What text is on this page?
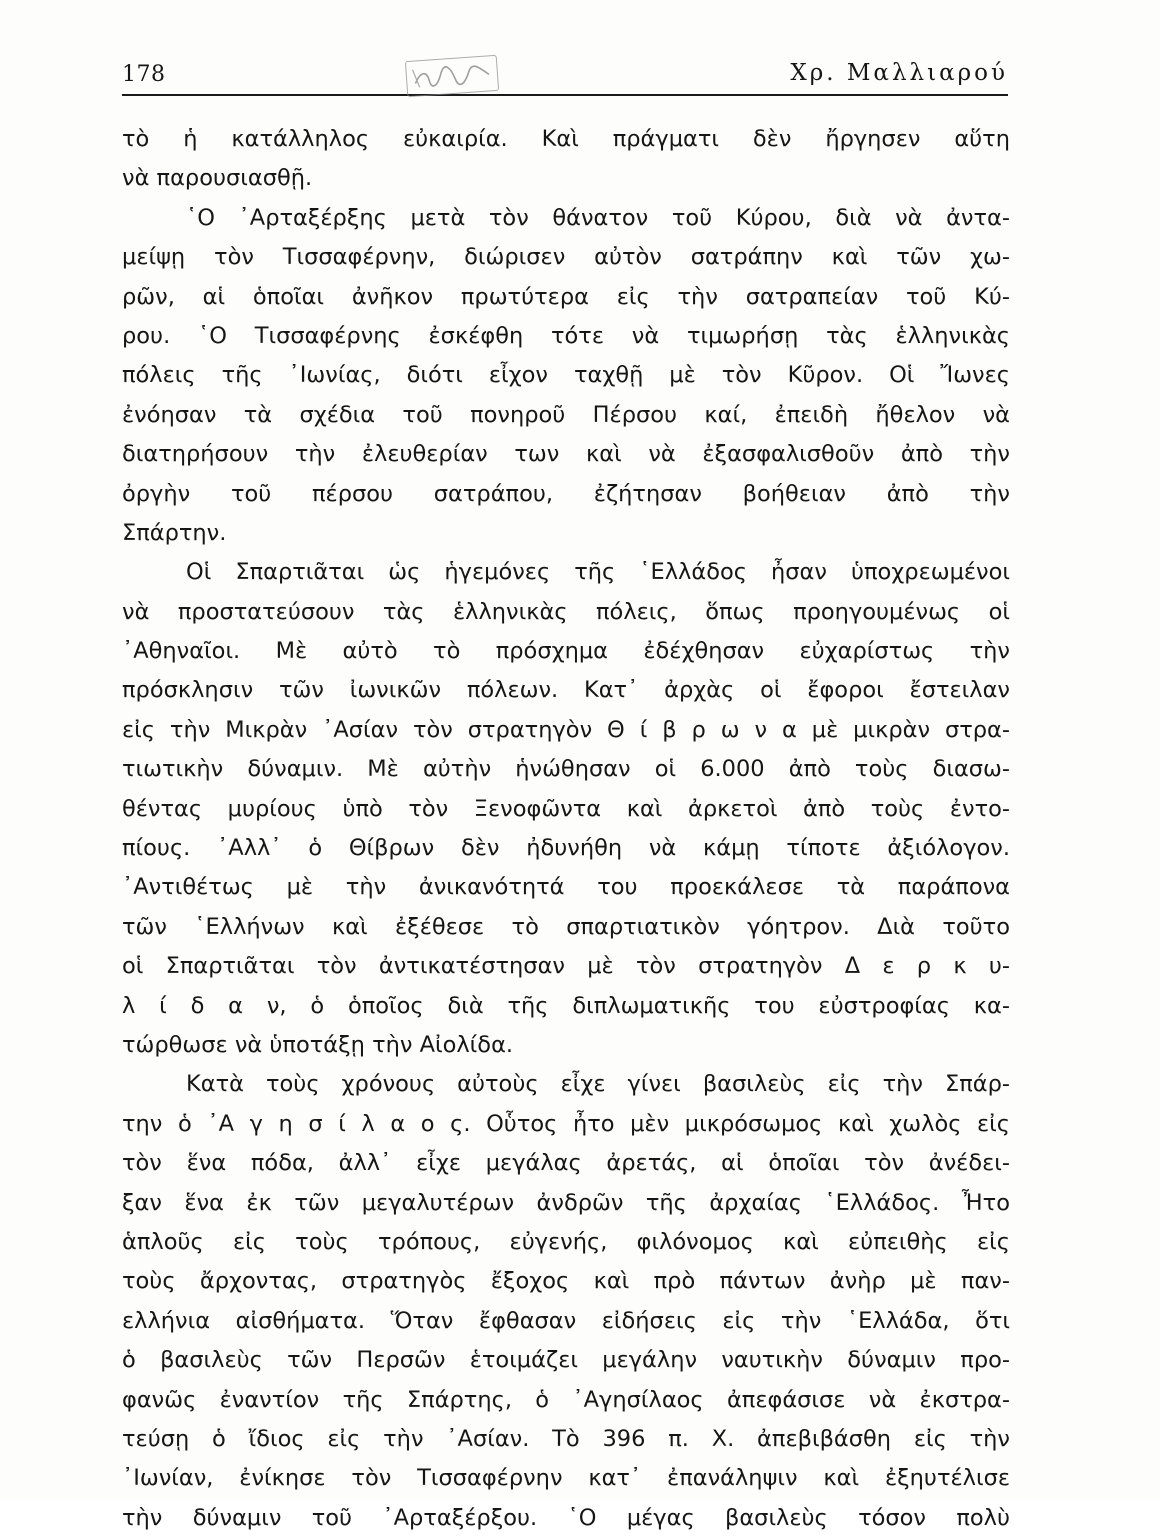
178	Χρ. Μαλλιαρού
τὸ ἡ κατάλληλος εὐκαιρία. Καὶ πράγματι δὲν ἤργησεν αὕτη
νὰ παρουσιασθῇ.
῾Ο ᾿Αρταξέρξης μετὰ τὸν θάνατον τοῦ Κύρου, διὰ νὰ ἀντα-
μείψῃ τὸν Τισσαφέρνην, διώρισεν αὐτὸν σατράπην καὶ τῶν χω-
ρῶν, αἱ ὁποῖαι ἀνῆκον πρωτύτερα εἰς τὴν σατραπείαν τοῦ Κύ-
ρου. ῾Ο Τισσαφέρνης ἐσκέφθη τότε νὰ τιμωρήσῃ τὰς ἑλληνικὰς
πόλεις τῆς ᾿Ιωνίας, διότι εἶχον ταχθῇ μὲ τὸν Κῦρον. Οἱ Ἴωνες
ἐνόησαν τὰ σχέδια τοῦ πονηροῦ Πέρσου καί, ἐπειδὴ ἤθελον νὰ
διατηρήσουν τὴν ἐλευθερίαν των καὶ νὰ ἐξασφαλισθοῦν ἀπὸ τὴν
ὀργὴν τοῦ πέρσου σατράπου, ἐζήτησαν βοήθειαν ἀπὸ τὴν
Σπάρτην.
Οἱ Σπαρτιᾶται ὡς ἡγεμόνες τῆς ῾Ελλάδος ἦσαν ὑποχρεωμένοι
νὰ προστατεύσουν τὰς ἑλληνικὰς πόλεις, ὅπως προηγουμένως οἱ
᾿Αθηναῖοι. Μὲ αὐτὸ τὸ πρόσχημα ἐδέχθησαν εὐχαρίστως τὴν
πρόσκλησιν τῶν ἰωνικῶν πόλεων. Κατ᾿ ἀρχὰς οἱ ἔφοροι ἔστειλαν
εἰς τὴν Μικρὰν ᾿Ασίαν τὸν στρατηγὸν Θ ί β ρ ω ν α μὲ μικρὰν στρα-
τιωτικὴν δύναμιν. Μὲ αὐτὴν ἡνώθησαν οἱ 6.000 ἀπὸ τοὺς διασω-
θέντας μυρίους ὑπὸ τὸν Ξενοφῶντα καὶ ἀρκετοὶ ἀπὸ τοὺς ἐντο-
πίους. ᾿Αλλ᾿ ὁ Θίβρων δὲν ἠδυνήθη νὰ κάμῃ τίποτε ἀξιόλογον.
᾿Αντιθέτως μὲ τὴν ἀνικανότητά του προεκάλεσε τὰ παράπονα
τῶν ῾Ελλήνων καὶ ἐξέθεσε τὸ σπαρτιατικὸν γόητρον. Διὰ τοῦτο
οἱ Σπαρτιᾶται τὸν ἀντικατέστησαν μὲ τὸν στρατηγὸν Δ ε ρ κ υ-
λ ί δ α ν, ὁ ὁποῖος διὰ τῆς διπλωματικῆς του εὐστροφίας κα-
τώρθωσε νὰ ὑποτάξῃ τὴν Αἰολίδα.
Κατὰ τοὺς χρόνους αὐτοὺς εἶχε γίνει βασιλεὺς εἰς τὴν Σπάρ-
την ὁ ᾿Α γ η σ ί λ α ο ς. Οὗτος ἦτο μὲν μικρόσωμος καὶ χωλὸς εἰς
τὸν ἕνα πόδα, ἀλλ᾿ εἶχε μεγάλας ἀρετάς, αἱ ὁποῖαι τὸν ἀνέδει-
ξαν ἕνα ἐκ τῶν μεγαλυτέρων ἀνδρῶν τῆς ἀρχαίας ῾Ελλάδος. Ἦτο
ἁπλοῦς εἰς τοὺς τρόπους, εὐγενής, φιλόνομος καὶ εὐπειθὴς εἰς
τοὺς ἄρχοντας, στρατηγὸς ἔξοχος καὶ πρὸ πάντων ἀνὴρ μὲ παν-
ελλήνια αἰσθήματα. Ὅταν ἔφθασαν εἰδήσεις εἰς τὴν ῾Ελλάδα, ὅτι
ὁ βασιλεὺς τῶν Περσῶν ἑτοιμάζει μεγάλην ναυτικὴν δύναμιν προ-
φανῶς ἐναντίον τῆς Σπάρτης, ὁ ᾿Αγησίλαος ἀπεφάσισε νὰ ἐκστρα-
τεύσῃ ὁ ἴδιος εἰς τὴν ᾿Ασίαν. Τὸ 396 π. Χ. ἀπεβιβάσθη εἰς τὴν
᾿Ιωνίαν, ἐνίκησε τὸν Τισσαφέρνην κατ᾿ ἐπανάληψιν καὶ ἐξηυτέλισε
τὴν δύναμιν τοῦ ᾿Αρταξέρξου. ῾Ο μέγας βασιλεὺς τόσον πολὺ
